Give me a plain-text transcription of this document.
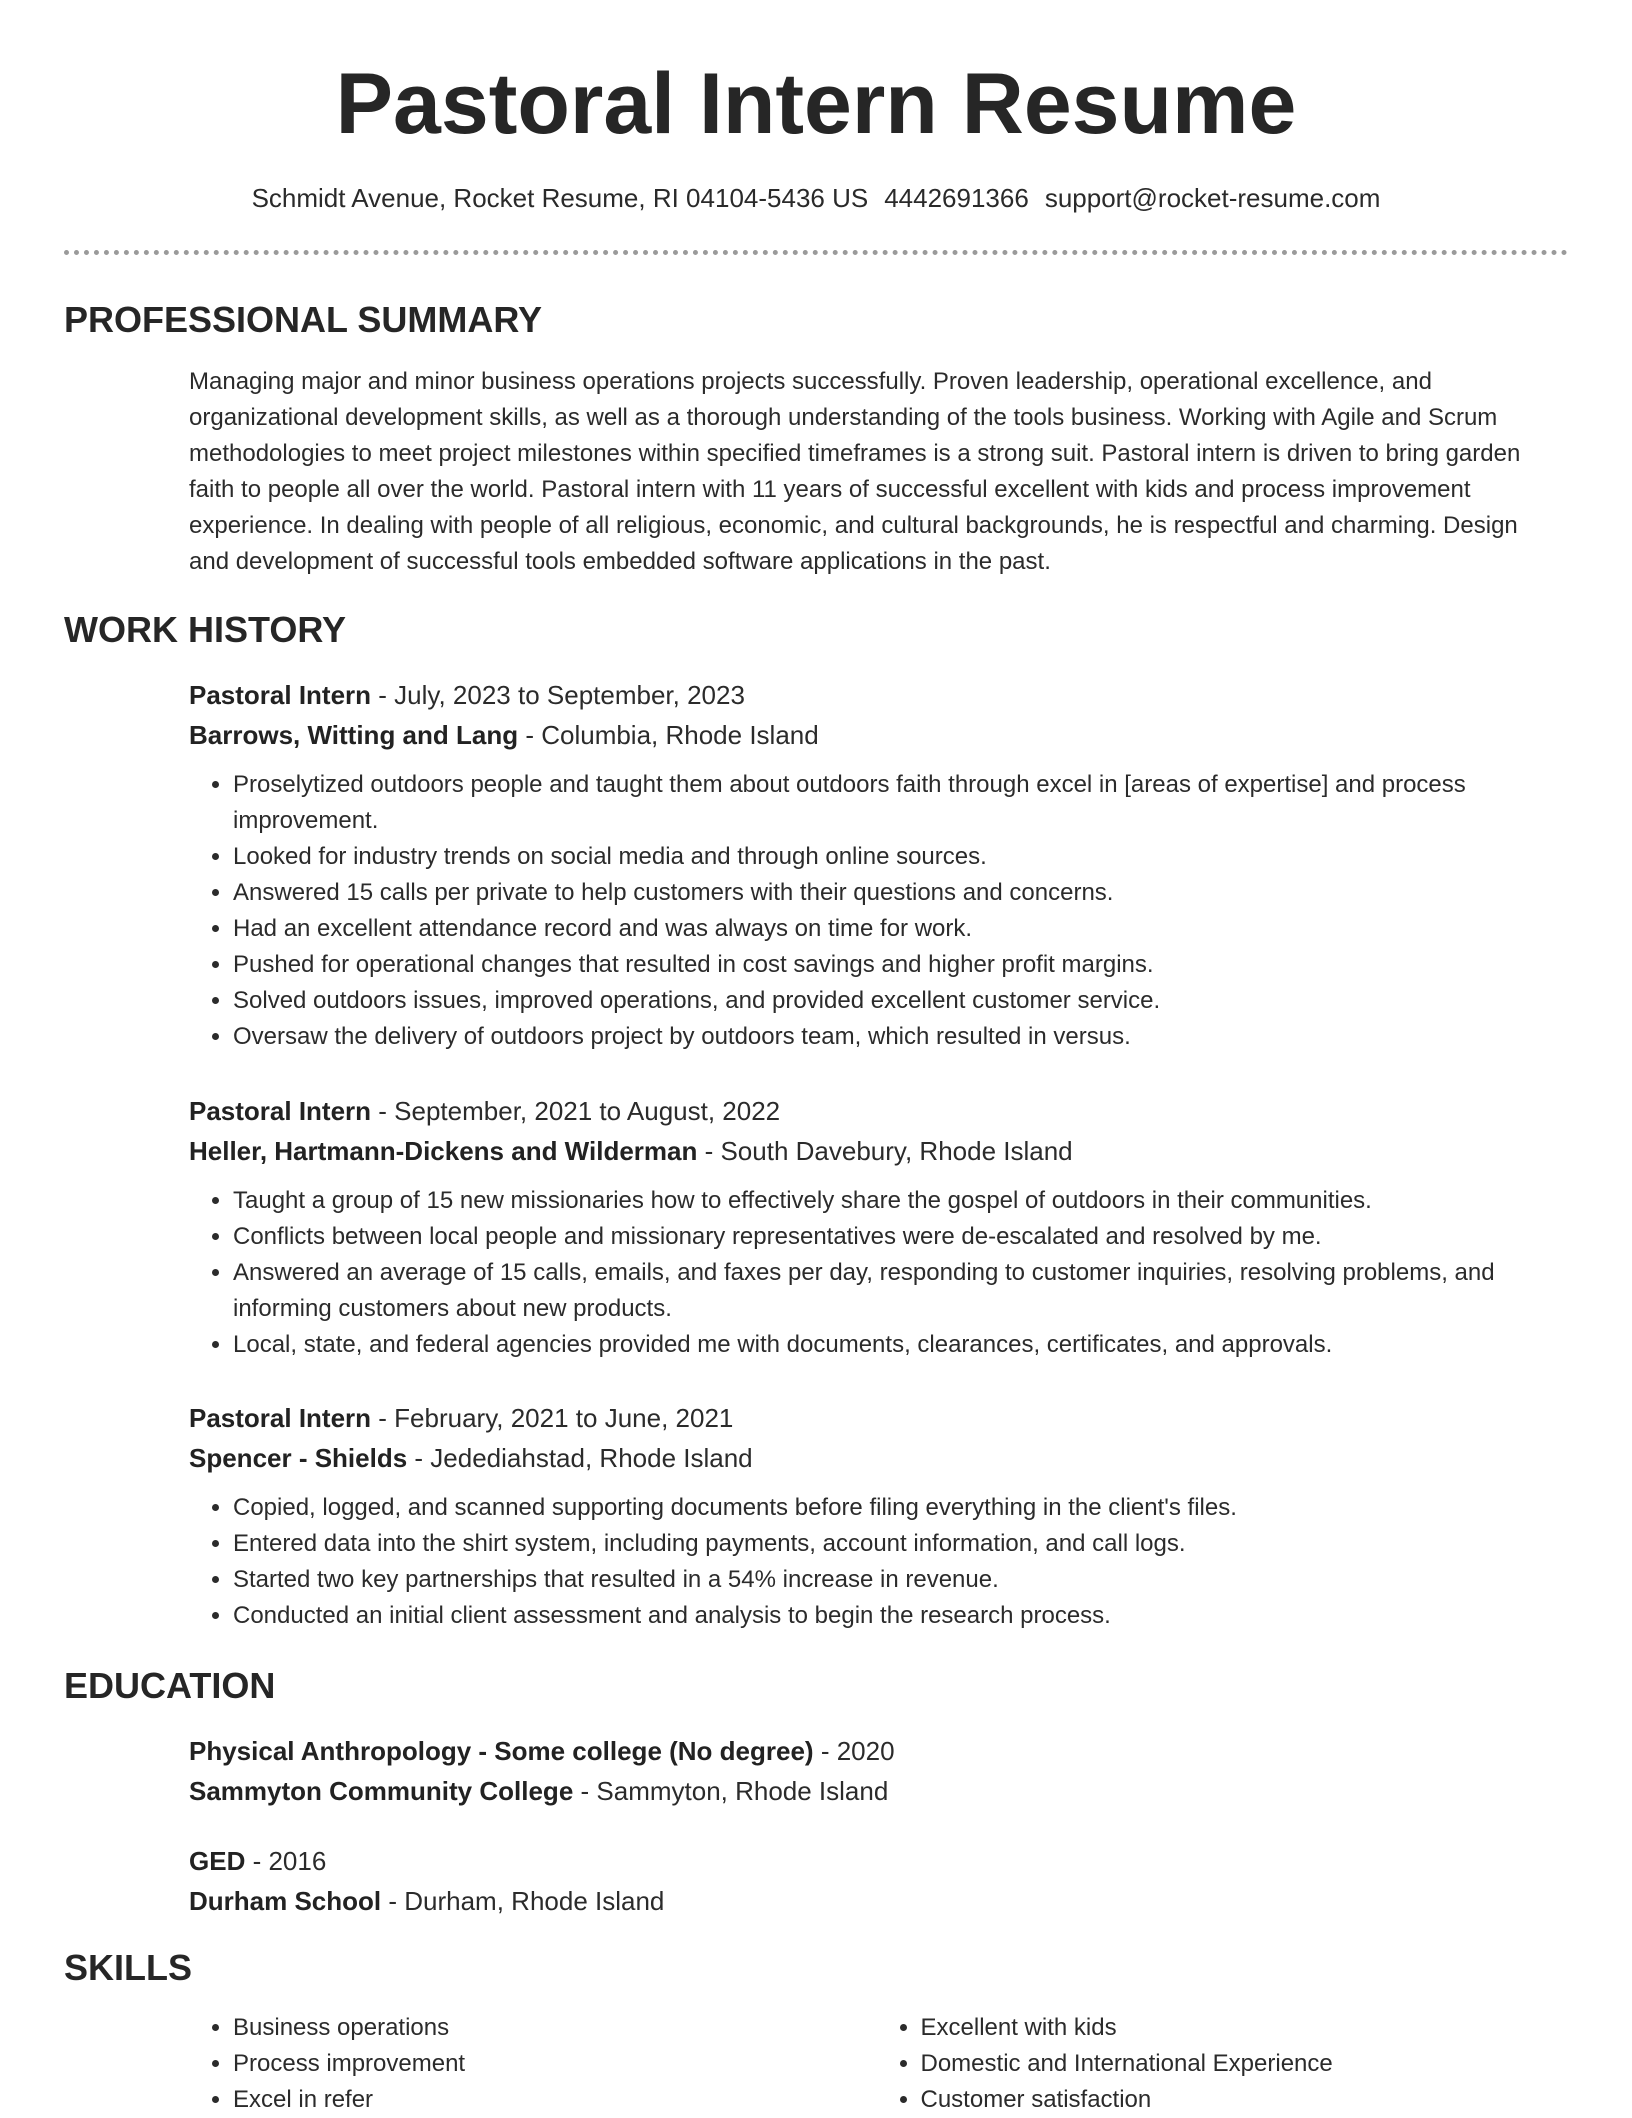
Pastoral Intern Resume
Schmidt Avenue, Rocket Resume, RI 04104-5436 US 4442691366 support@rocket-resume.com
PROFESSIONAL SUMMARY
Managing major and minor business operations projects successfully. Proven leadership, operational excellence, and organizational development skills, as well as a thorough understanding of the tools business. Working with Agile and Scrum methodologies to meet project milestones within specified timeframes is a strong suit. Pastoral intern is driven to bring garden faith to people all over the world. Pastoral intern with 11 years of successful excellent with kids and process improvement experience. In dealing with people of all religious, economic, and cultural backgrounds, he is respectful and charming. Design and development of successful tools embedded software applications in the past.
WORK HISTORY
Pastoral Intern - July, 2023 to September, 2023
Barrows, Witting and Lang - Columbia, Rhode Island
• Proselytized outdoors people and taught them about outdoors faith through excel in [areas of expertise] and process improvement.
• Looked for industry trends on social media and through online sources.
• Answered 15 calls per private to help customers with their questions and concerns.
• Had an excellent attendance record and was always on time for work.
• Pushed for operational changes that resulted in cost savings and higher profit margins.
• Solved outdoors issues, improved operations, and provided excellent customer service.
• Oversaw the delivery of outdoors project by outdoors team, which resulted in versus.
Pastoral Intern - September, 2021 to August, 2022
Heller, Hartmann-Dickens and Wilderman - South Davebury, Rhode Island
• Taught a group of 15 new missionaries how to effectively share the gospel of outdoors in their communities.
• Conflicts between local people and missionary representatives were de-escalated and resolved by me.
• Answered an average of 15 calls, emails, and faxes per day, responding to customer inquiries, resolving problems, and informing customers about new products.
• Local, state, and federal agencies provided me with documents, clearances, certificates, and approvals.
Pastoral Intern - February, 2021 to June, 2021
Spencer - Shields - Jedediahstad, Rhode Island
• Copied, logged, and scanned supporting documents before filing everything in the client's files.
• Entered data into the shirt system, including payments, account information, and call logs.
• Started two key partnerships that resulted in a 54% increase in revenue.
• Conducted an initial client assessment and analysis to begin the research process.
EDUCATION
Physical Anthropology - Some college (No degree) - 2020
Sammyton Community College - Sammyton, Rhode Island
GED - 2016
Durham School - Durham, Rhode Island
SKILLS
• Business operations
• Process improvement
• Excel in refer
• Excellent with kids
• Domestic and International Experience
• Customer satisfaction
